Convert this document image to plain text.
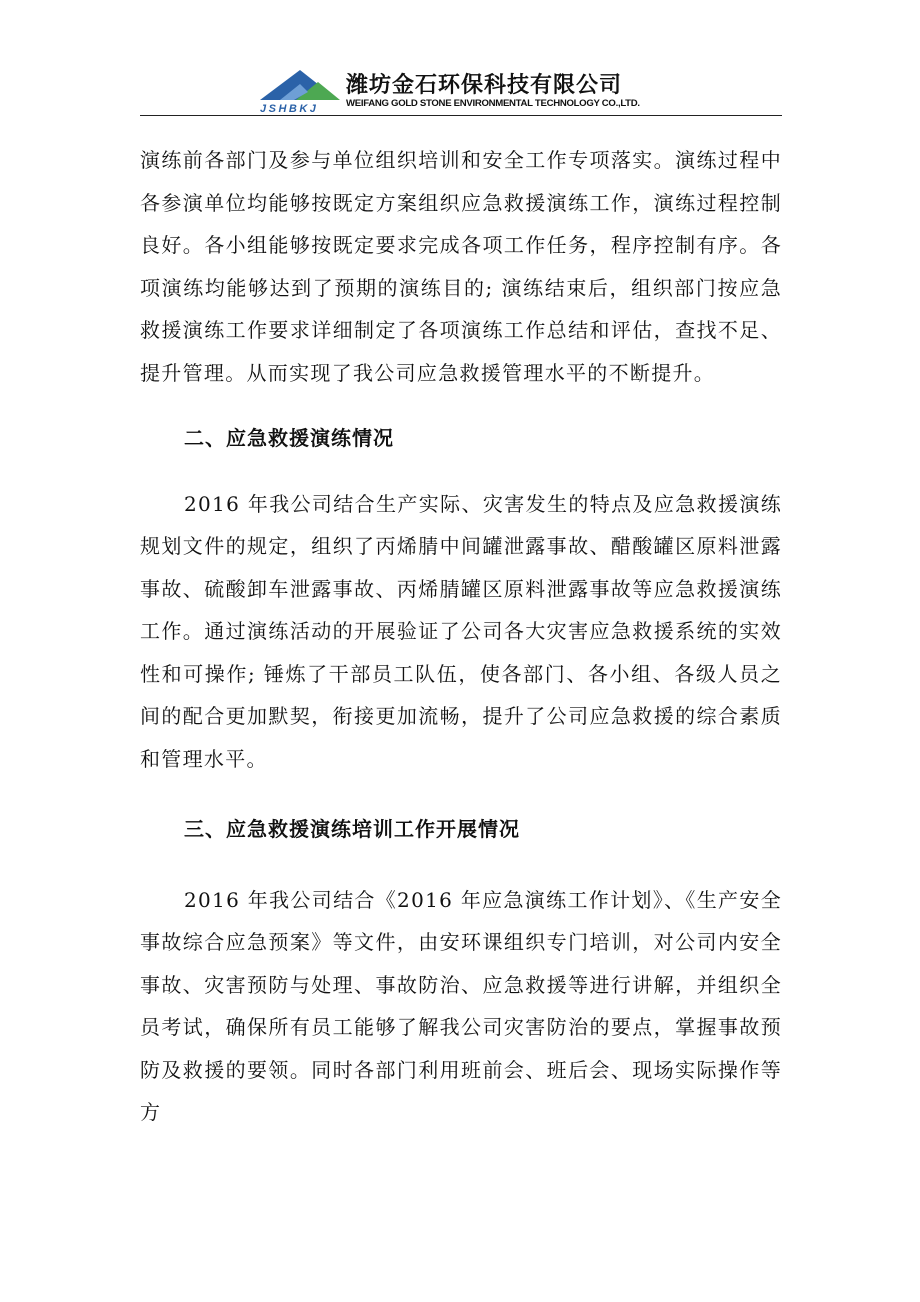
JSHBKJ
潍坊金石环保科技有限公司
WEIFANG GOLD STONE ENVIRONMENTAL TECHNOLOGY CO.,LTD.

演练前各部门及参与单位组织培训和安全工作专项落实。演练过程中各参演单位均能够按既定方案组织应急救援演练工作，演练过程控制良好。各小组能够按既定要求完成各项工作任务，程序控制有序。各项演练均能够达到了预期的演练目的; 演练结束后，组织部门按应急救援演练工作要求详细制定了各项演练工作总结和评估，查找不足、提升管理。从而实现了我公司应急救援管理水平的不断提升。

二、应急救援演练情况

2016 年我公司结合生产实际、灾害发生的特点及应急救援演练规划文件的规定，组织了丙烯腈中间罐泄露事故、醋酸罐区原料泄露事故、硫酸卸车泄露事故、丙烯腈罐区原料泄露事故等应急救援演练工作。通过演练活动的开展验证了公司各大灾害应急救援系统的实效性和可操作; 锤炼了干部员工队伍，使各部门、各小组、各级人员之间的配合更加默契，衔接更加流畅，提升了公司应急救援的综合素质和管理水平。

三、应急救援演练培训工作开展情况

2016 年我公司结合《2016 年应急演练工作计划》、《生产安全事故综合应急预案》等文件，由安环课组织专门培训，对公司内安全事故、灾害预防与处理、事故防治、应急救援等进行讲解，并组织全员考试，确保所有员工能够了解我公司灾害防治的要点，掌握事故预防及救援的要领。同时各部门利用班前会、班后会、现场实际操作等方
